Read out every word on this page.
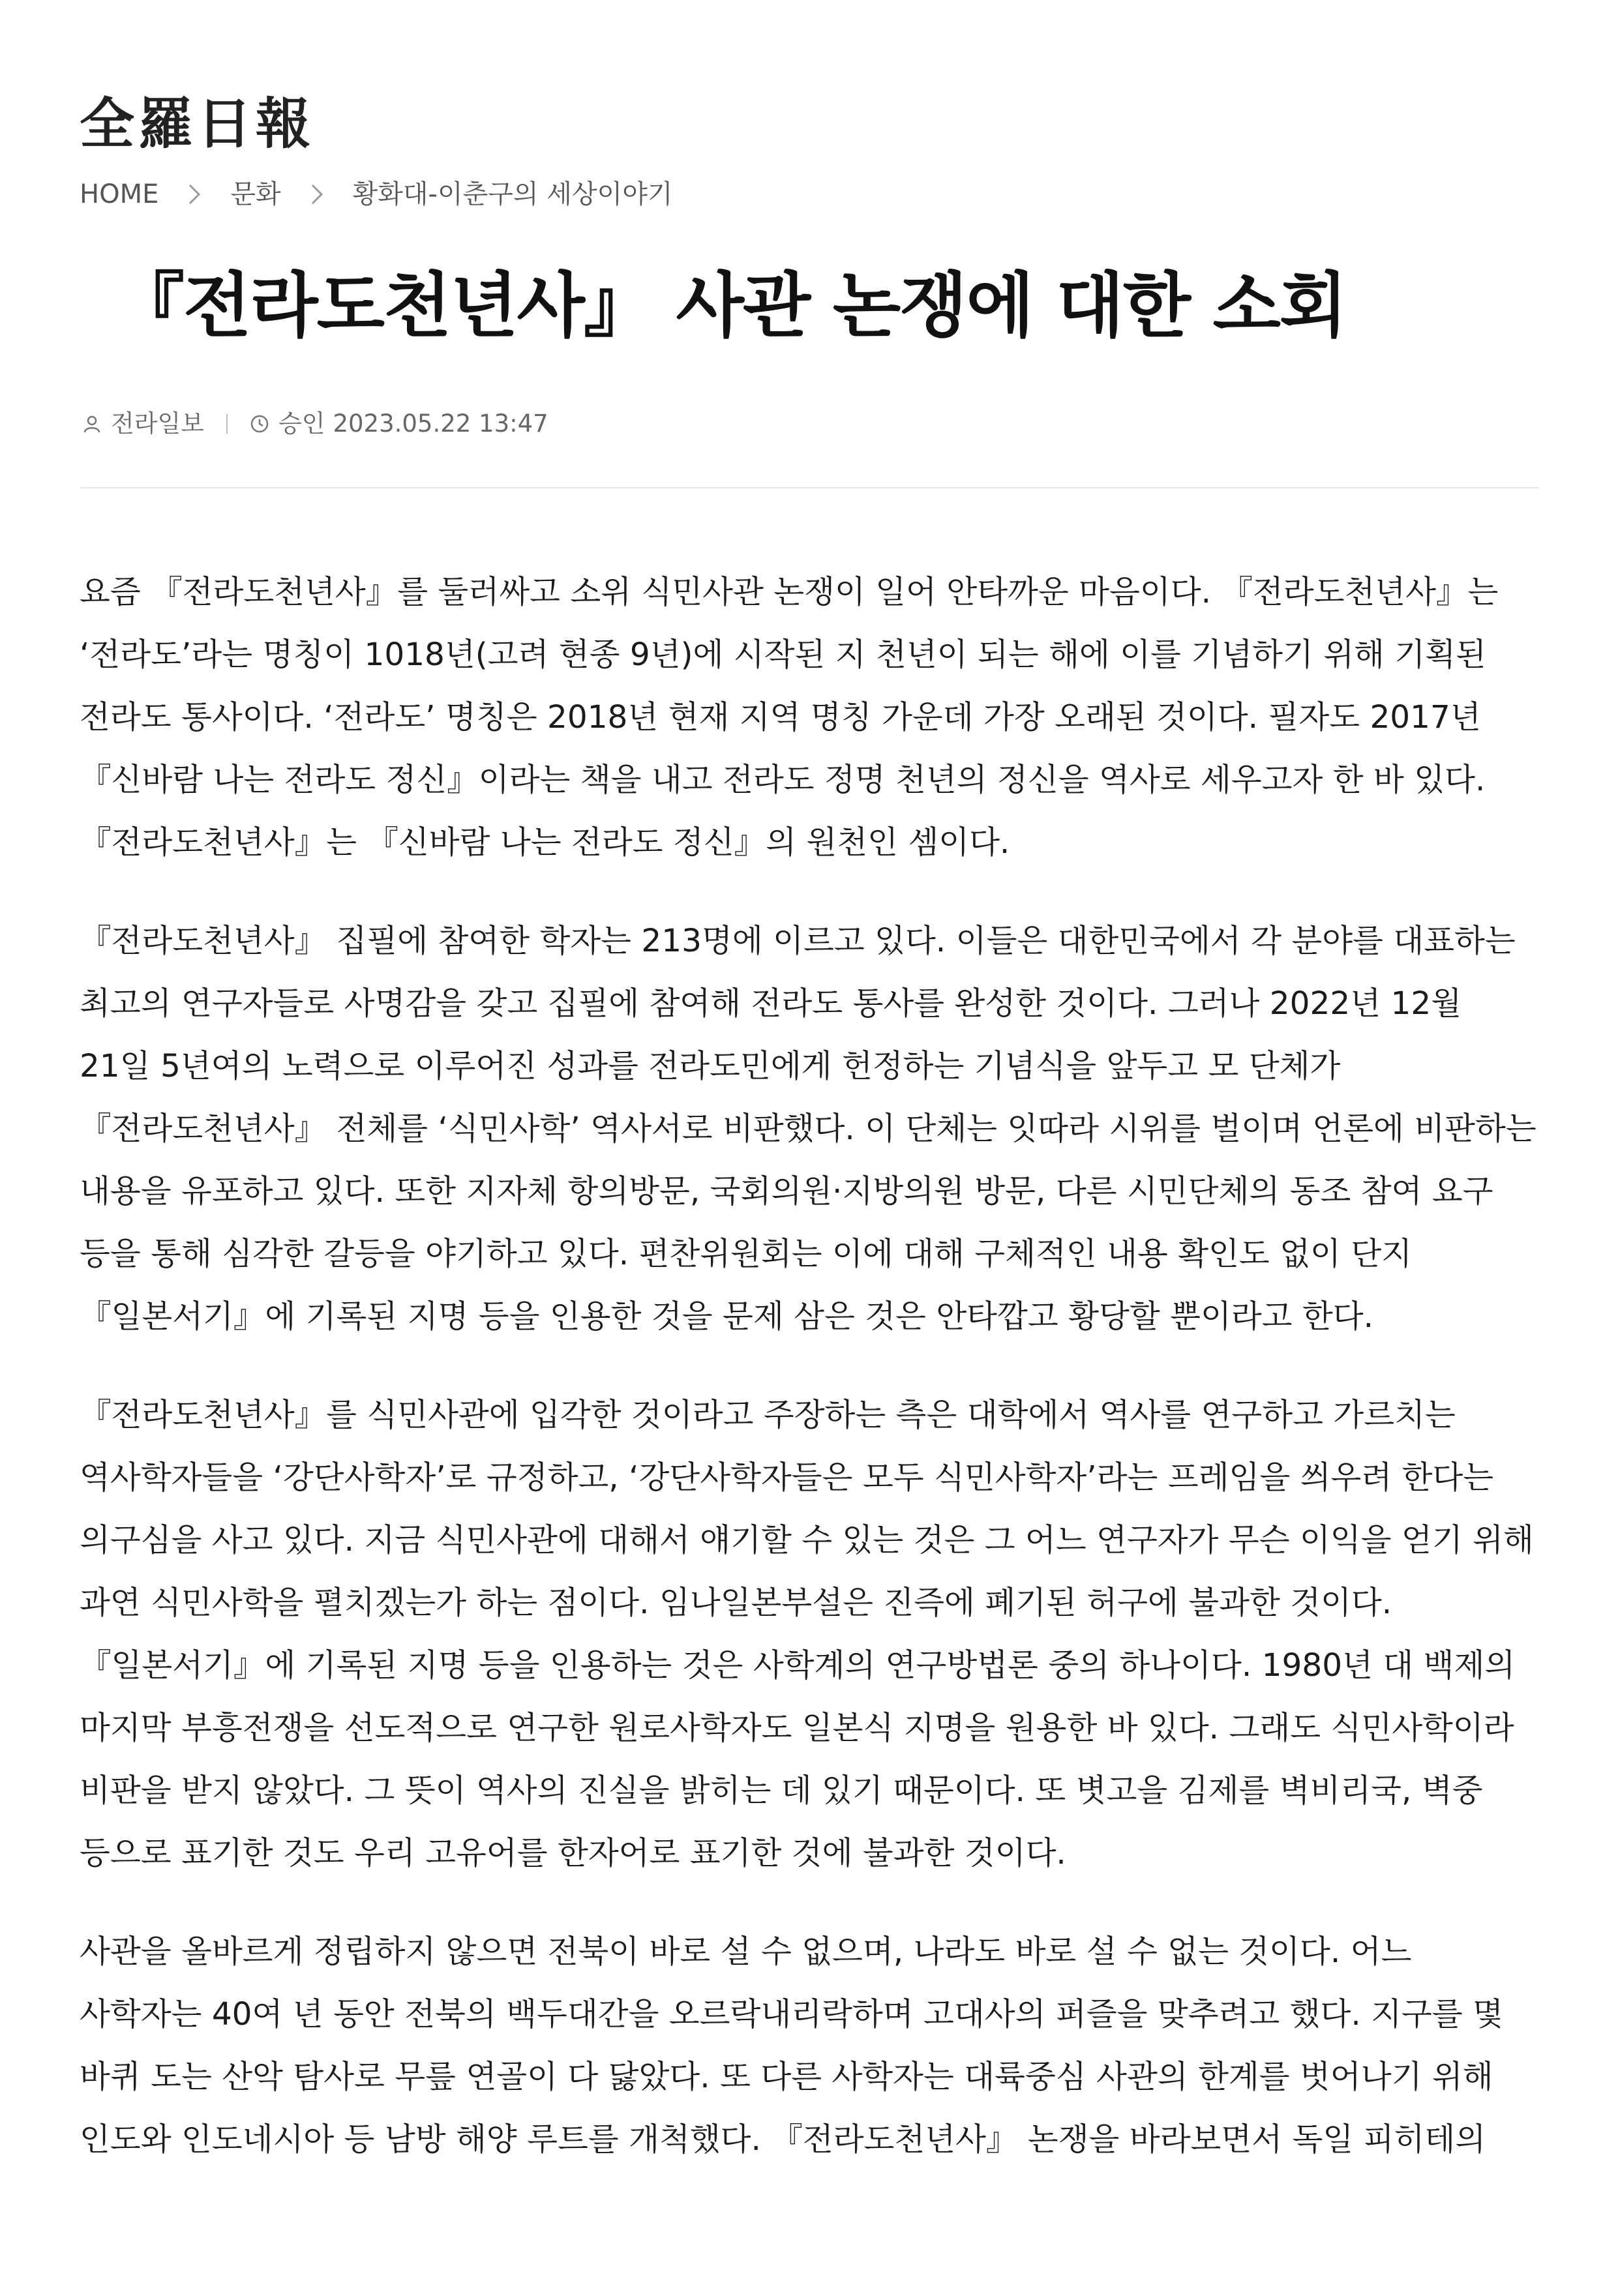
全羅日報
HOME	문화	황화대-이춘구의 세상이야기
『전라도천년사』 사관 논쟁에 대한 소회
전라일보	승인 2023.05.22 13:47

요즘 『전라도천년사』를 둘러싸고 소위 식민사관 논쟁이 일어 안타까운 마음이다. 『전라도천년사』는 ‘전라도’라는 명칭이 1018년(고려 현종 9년)에 시작된 지 천년이 되는 해에 이를 기념하기 위해 기획된 전라도 통사이다. ‘전라도’ 명칭은 2018년 현재 지역 명칭 가운데 가장 오래된 것이다. 필자도 2017년 『신바람 나는 전라도 정신』이라는 책을 내고 전라도 정명 천년의 정신을 역사로 세우고자 한 바 있다. 『전라도천년사』는 『신바람 나는 전라도 정신』의 원천인 셈이다.

『전라도천년사』 집필에 참여한 학자는 213명에 이르고 있다. 이들은 대한민국에서 각 분야를 대표하는 최고의 연구자들로 사명감을 갖고 집필에 참여해 전라도 통사를 완성한 것이다. 그러나 2022년 12월 21일 5년여의 노력으로 이루어진 성과를 전라도민에게 헌정하는 기념식을 앞두고 모 단체가 『전라도천년사』 전체를 ‘식민사학’ 역사서로 비판했다. 이 단체는 잇따라 시위를 벌이며 언론에 비판하는 내용을 유포하고 있다. 또한 지자체 항의방문, 국회의원·지방의원 방문, 다른 시민단체의 동조 참여 요구 등을 통해 심각한 갈등을 야기하고 있다. 편찬위원회는 이에 대해 구체적인 내용 확인도 없이 단지 『일본서기』에 기록된 지명 등을 인용한 것을 문제 삼은 것은 안타깝고 황당할 뿐이라고 한다.

『전라도천년사』를 식민사관에 입각한 것이라고 주장하는 측은 대학에서 역사를 연구하고 가르치는 역사학자들을 ‘강단사학자’로 규정하고, ‘강단사학자들은 모두 식민사학자’라는 프레임을 씌우려 한다는 의구심을 사고 있다. 지금 식민사관에 대해서 얘기할 수 있는 것은 그 어느 연구자가 무슨 이익을 얻기 위해 과연 식민사학을 펼치겠는가 하는 점이다. 임나일본부설은 진즉에 폐기된 허구에 불과한 것이다. 『일본서기』에 기록된 지명 등을 인용하는 것은 사학계의 연구방법론 중의 하나이다. 1980년 대 백제의 마지막 부흥전쟁을 선도적으로 연구한 원로사학자도 일본식 지명을 원용한 바 있다. 그래도 식민사학이라 비판을 받지 않았다. 그 뜻이 역사의 진실을 밝히는 데 있기 때문이다. 또 볏고을 김제를 벽비리국, 벽중 등으로 표기한 것도 우리 고유어를 한자어로 표기한 것에 불과한 것이다.

사관을 올바르게 정립하지 않으면 전북이 바로 설 수 없으며, 나라도 바로 설 수 없는 것이다. 어느 사학자는 40여 년 동안 전북의 백두대간을 오르락내리락하며 고대사의 퍼즐을 맞추려고 했다. 지구를 몇 바퀴 도는 산악 탐사로 무릎 연골이 다 닳았다. 또 다른 사학자는 대륙중심 사관의 한계를 벗어나기 위해 인도와 인도네시아 등 남방 해양 루트를 개척했다. 『전라도천년사』 논쟁을 바라보면서 독일 피히테의
